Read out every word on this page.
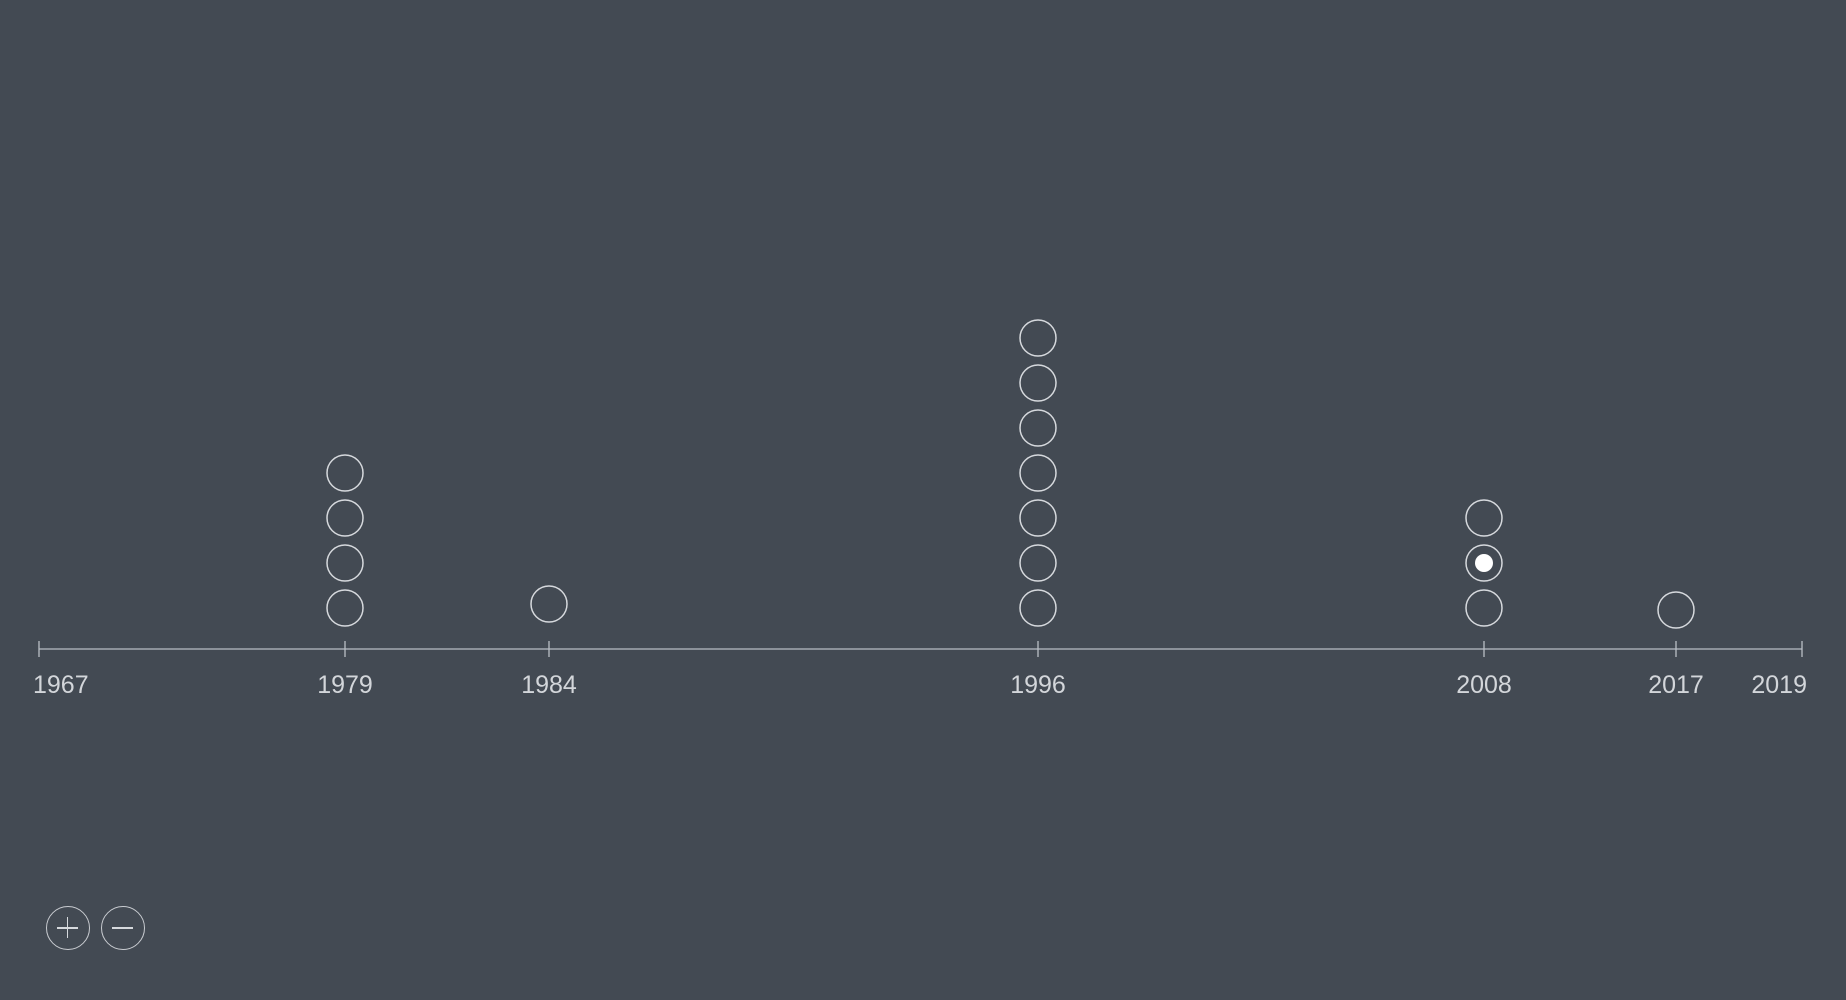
1967	1979	1984	1996	2008	2017 2019
